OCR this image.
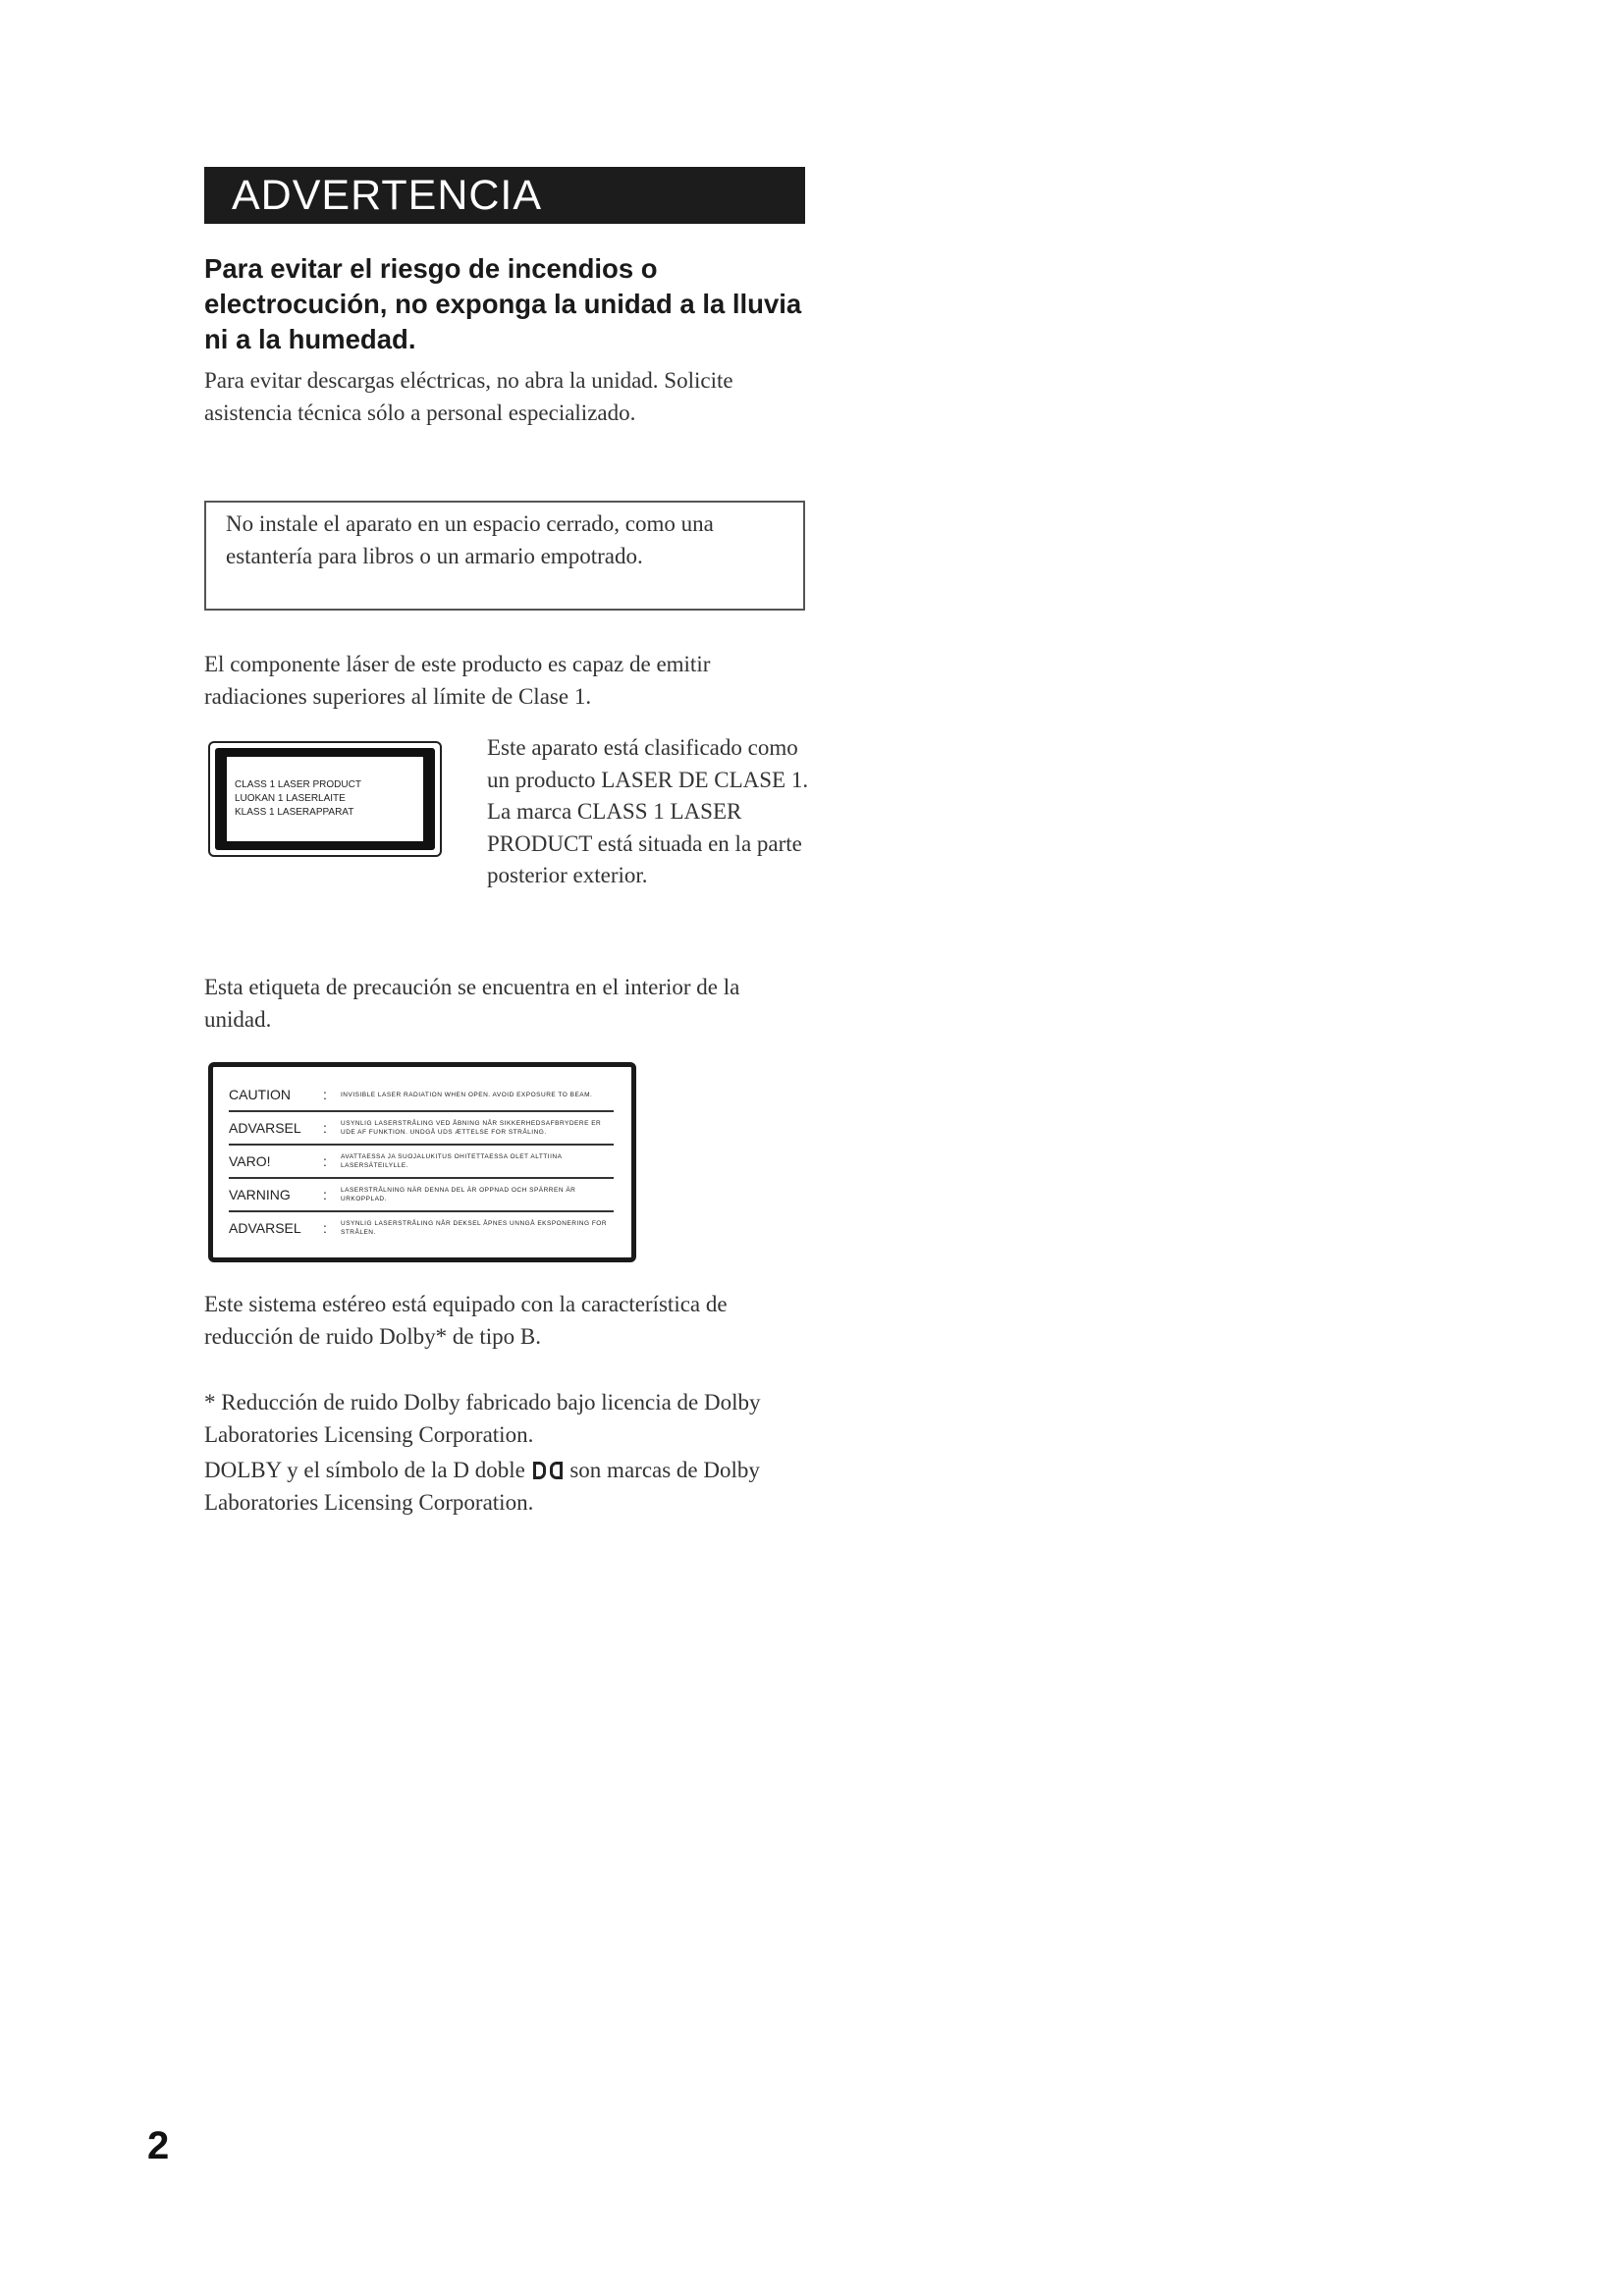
ADVERTENCIA
Para evitar el riesgo de incendios o electrocución, no exponga la unidad a la lluvia ni a la humedad.
Para evitar descargas eléctricas, no abra la unidad. Solicite asistencia técnica sólo a personal especializado.
No instale el aparato en un espacio cerrado, como una estantería para libros o un armario empotrado.
El componente láser de este producto es capaz de emitir radiaciones superiores al límite de Clase 1.
CLASS 1 LASER PRODUCT
LUOKAN 1 LASERLAITE
KLASS 1 LASERAPPARAT
Este aparato está clasificado como un producto LASER DE CLASE 1. La marca CLASS 1 LASER PRODUCT está situada en la parte posterior exterior.
Esta etiqueta de precaución se encuentra en el interior de la unidad.
CAUTION	:	INVISIBLE LASER RADIATION WHEN OPEN. AVOID EXPOSURE TO BEAM.
ADVARSEL	:	USYNLIG LASERSTRÅLING VED ÅBNING NÅR SIKKERHEDSAFBRYDERE ER UDE AF FUNKTION. UNDGÅ UDS ÆTTELSE FOR STRÅLING.
VARO!	:	AVATTAESSA JA SUOJALUKITUS OHITETTAESSA OLET ALTTIINA LASERSÄTEILYLLE.
VARNING	:	LASERSTRÅLNING NÄR DENNA DEL ÄR OPPNAD OCH SPÄRREN ÄR URKOPPLAD.
ADVARSEL	:	USYNLIG LASERSTRÅLING NÅR DEKSEL ÅPNES UNNGÅ EKSPONERING FOR STRÅLEN.
Este sistema estéreo está equipado con la característica de reducción de ruido Dolby* de tipo B.
* Reducción de ruido Dolby fabricado bajo licencia de Dolby Laboratories Licensing Corporation.
DOLBY y el símbolo de la D doble son marcas de Dolby Laboratories Licensing Corporation.
2
